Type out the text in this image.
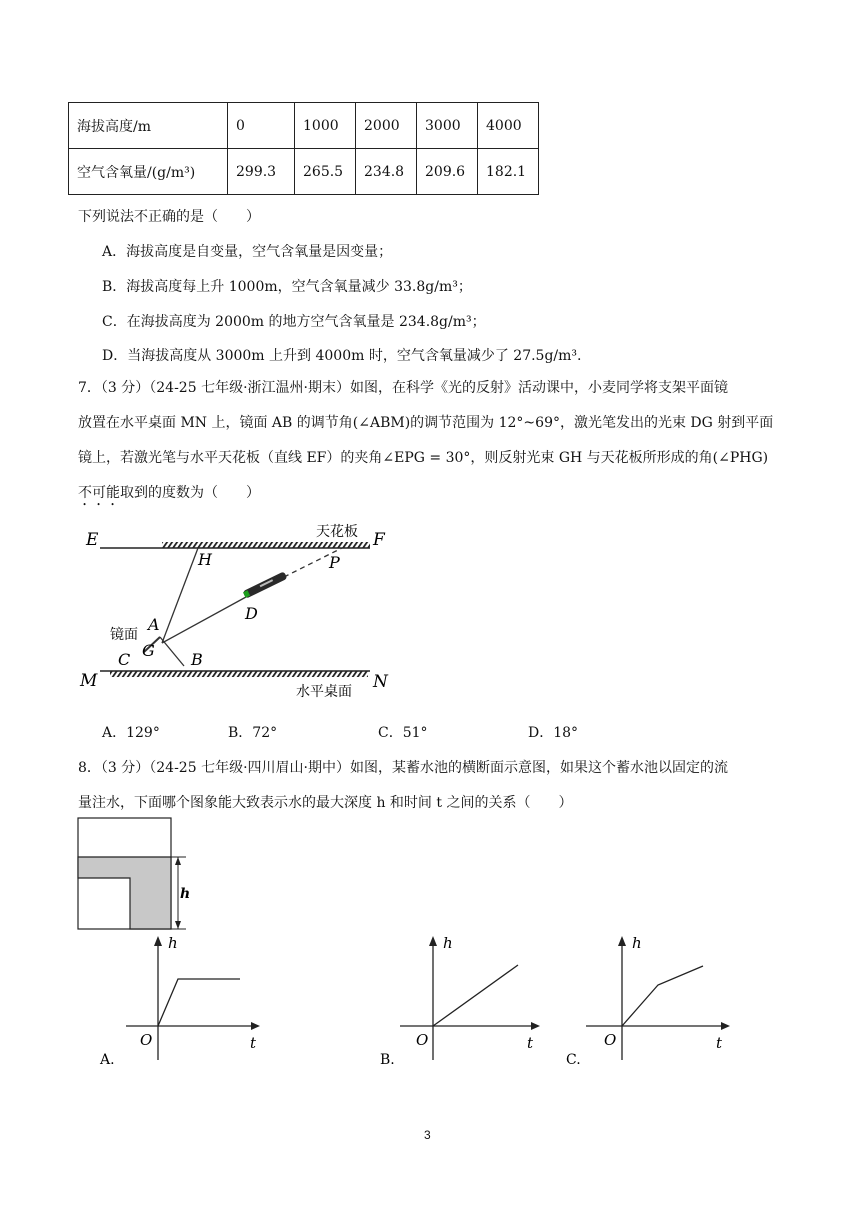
海拔高度/m	0	1000	2000	3000	4000
空气含氧量/(g/m³)	299.3	265.5	234.8	209.6	182.1
下列说法不正确的是（　　）
A．海拔高度是自变量，空气含氧量是因变量；
B．海拔高度每上升 1000m，空气含氧量减少 33.8g/m³；
C．在海拔高度为 2000m 的地方空气含氧量是 234.8g/m³；
D．当海拔高度从 3000m 上升到 4000m 时，空气含氧量减少了 27.5g/m³.
7．（3 分）（24-25 七年级·浙江温州·期末）如图，在科学《光的反射》活动课中，小麦同学将支架平面镜
放置在水平桌面 MN 上，镜面 AB 的调节角(∠ABM)的调节范围为 12°~69°，激光笔发出的光束 DG 射到平面
镜上，若激光笔与水平天花板（直线 EF）的夹角∠EPG = 30°，则反射光束 GH 与天花板所形成的角(∠PHG)
不可能取到的度数为（　　）
E	F
天花板
H	P
D
A
镜面
G
C	B
M	N
水平桌面
A．129°	B．72°	C．51°	D．18°
8．（3 分）（24-25 七年级·四川眉山·期中）如图，某蓄水池的横断面示意图，如果这个蓄水池以固定的流
量注水，下面哪个图象能大致表示水的最大深度 h 和时间 t 之间的关系（　　）
h
h
t
O
A.
h
t
O
B.
h
t
O
C.
3
